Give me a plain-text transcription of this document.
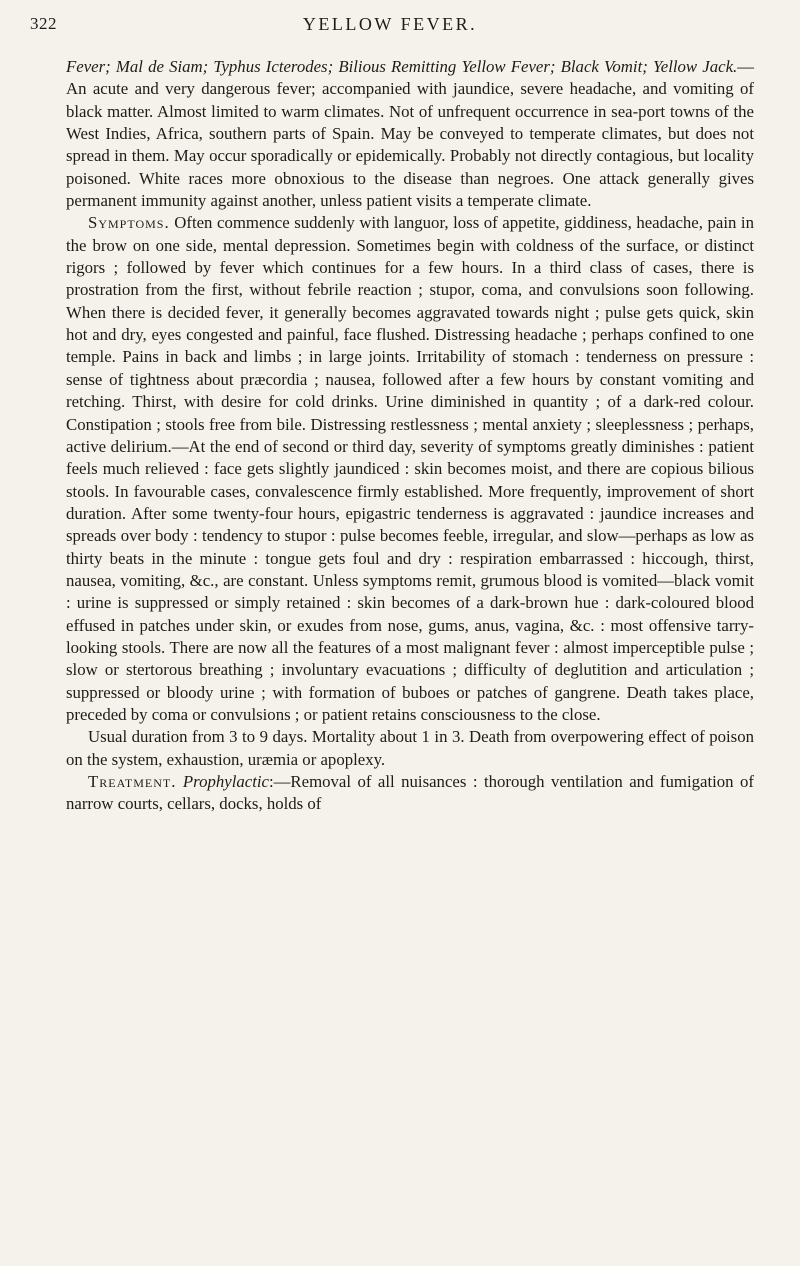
322	YELLOW FEVER.

Fever; Mal de Siam; Typhus Icterodes; Bilious Remitting Yellow Fever; Black Vomit; Yellow Jack.—An acute and very dangerous fever; accompanied with jaundice, severe headache, and vomiting of black matter. Almost limited to warm climates. Not of unfrequent occurrence in sea-port towns of the West Indies, Africa, southern parts of Spain. May be conveyed to temperate climates, but does not spread in them. May occur sporadically or epidemically. Probably not directly contagious, but locality poisoned. White races more obnoxious to the disease than negroes. One attack generally gives permanent immunity against another, unless patient visits a temperate climate.

Symptoms. Often commence suddenly with languor, loss of appetite, giddiness, headache, pain in the brow on one side, mental depression. Sometimes begin with coldness of the surface, or distinct rigors ; followed by fever which continues for a few hours. In a third class of cases, there is prostration from the first, without febrile reaction ; stupor, coma, and convulsions soon following. When there is decided fever, it generally becomes aggravated towards night ; pulse gets quick, skin hot and dry, eyes congested and painful, face flushed. Distressing headache ; perhaps confined to one temple. Pains in back and limbs ; in large joints. Irritability of stomach : tenderness on pressure : sense of tightness about præcordia ; nausea, followed after a few hours by constant vomiting and retching. Thirst, with desire for cold drinks. Urine diminished in quantity ; of a dark-red colour. Constipation ; stools free from bile. Distressing restlessness ; mental anxiety ; sleeplessness ; perhaps, active delirium.—At the end of second or third day, severity of symptoms greatly diminishes : patient feels much relieved : face gets slightly jaundiced : skin becomes moist, and there are copious bilious stools. In favourable cases, convalescence firmly established. More frequently, improvement of short duration. After some twenty-four hours, epigastric tenderness is aggravated : jaundice increases and spreads over body : tendency to stupor : pulse becomes feeble, irregular, and slow—perhaps as low as thirty beats in the minute : tongue gets foul and dry : respiration embarrassed : hiccough, thirst, nausea, vomiting, &c., are constant. Unless symptoms remit, grumous blood is vomited—black vomit : urine is suppressed or simply retained : skin becomes of a dark-brown hue : dark-coloured blood effused in patches under skin, or exudes from nose, gums, anus, vagina, &c. : most offensive tarry-looking stools. There are now all the features of a most malignant fever : almost imperceptible pulse ; slow or stertorous breathing ; involuntary evacuations ; difficulty of deglutition and articulation ; suppressed or bloody urine ; with formation of buboes or patches of gangrene. Death takes place, preceded by coma or convulsions ; or patient retains consciousness to the close.

Usual duration from 3 to 9 days. Mortality about 1 in 3. Death from overpowering effect of poison on the system, exhaustion, uræmia or apoplexy.

Treatment. Prophylactic:—Removal of all nuisances : thorough ventilation and fumigation of narrow courts, cellars, docks, holds of
